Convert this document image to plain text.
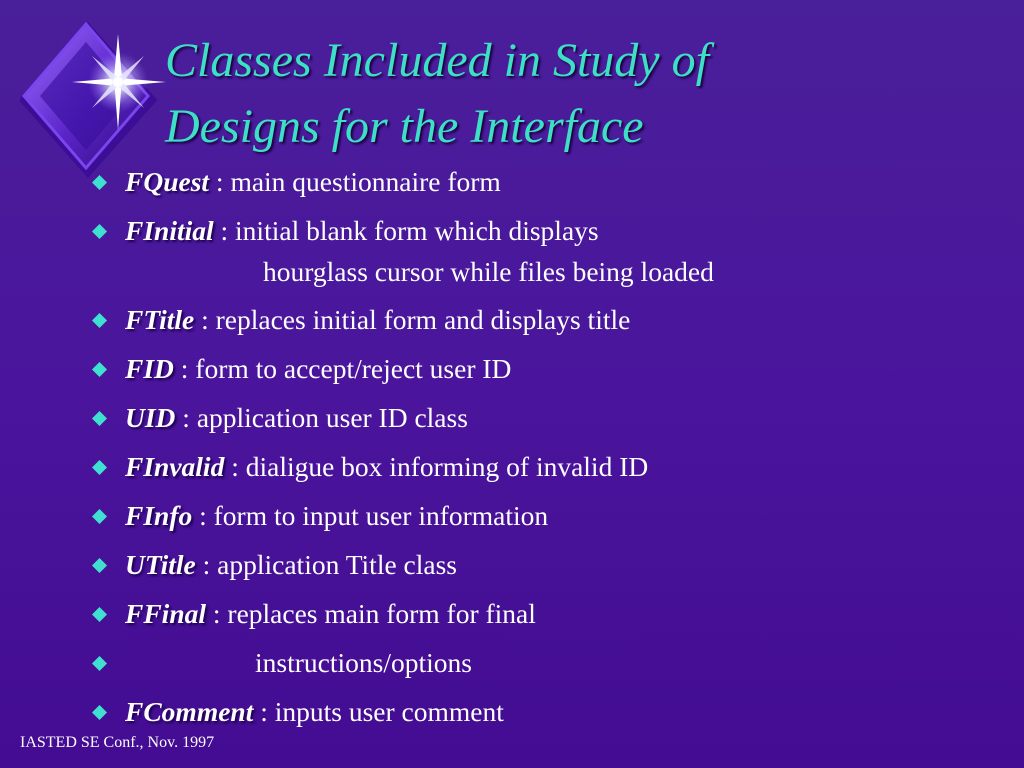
Classes Included in Study of
Designs for the Interface
FQuest : main questionnaire form
FInitial : initial blank form which displays
hourglass cursor while files being loaded
FTitle : replaces initial form and displays title
FID : form to accept/reject user ID
UID : application user ID class
FInvalid : dialigue box informing of invalid ID
FInfo : form to input user information
UTitle : application Title class
FFinal : replaces main form for final
instructions/options
FComment : inputs user comment
IASTED SE Conf., Nov. 1997
